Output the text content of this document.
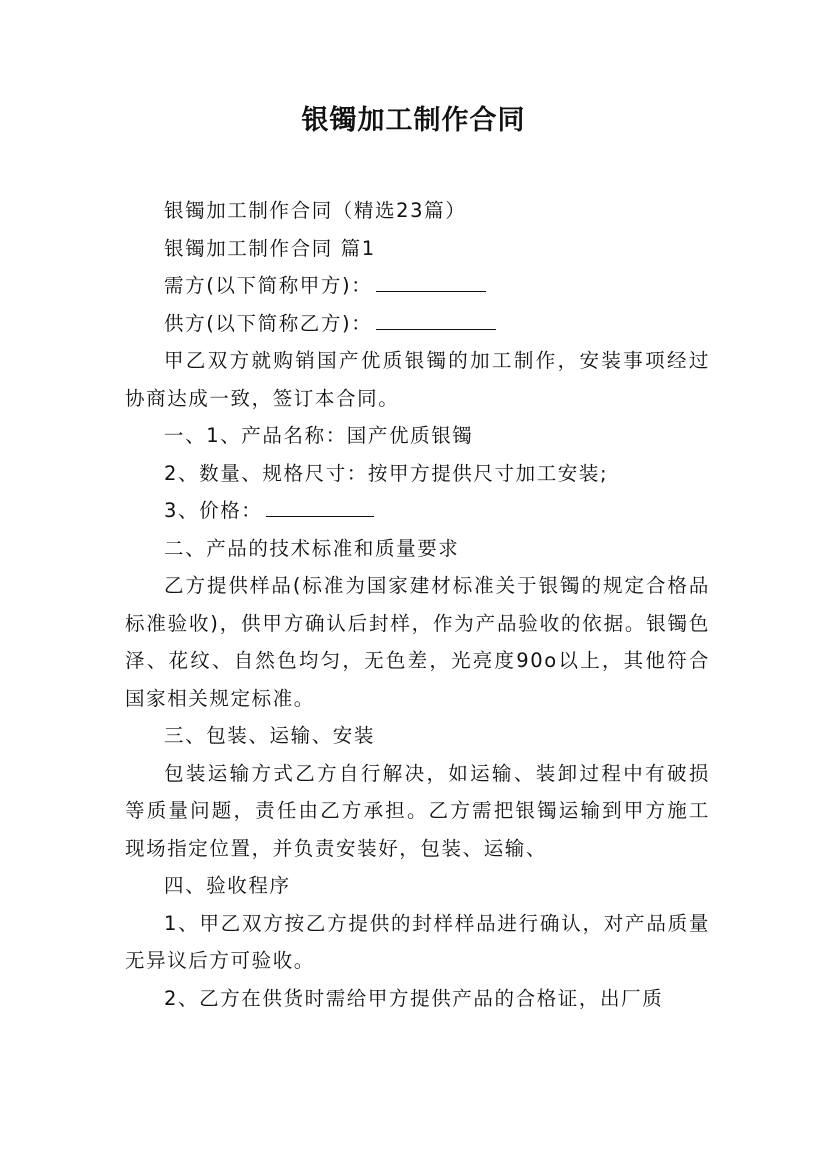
银镯加工制作合同

银镯加工制作合同（精选23篇）

银镯加工制作合同 篇1

需方(以下简称甲方)：

供方(以下简称乙方)：

甲乙双方就购销国产优质银镯的加工制作，安装事项经过协商达成一致，签订本合同。

一、1、产品名称：国产优质银镯

2、数量、规格尺寸：按甲方提供尺寸加工安装;

3、价格：

二、产品的技术标准和质量要求

乙方提供样品(标准为国家建材标准关于银镯的规定合格品标准验收)，供甲方确认后封样，作为产品验收的依据。银镯色泽、花纹、自然色均匀，无色差，光亮度90o以上，其他符合国家相关规定标准。

三、包装、运输、安装

包装运输方式乙方自行解决，如运输、装卸过程中有破损等质量问题，责任由乙方承担。乙方需把银镯运输到甲方施工现场指定位置，并负责安装好，包装、运输、

四、验收程序

1、甲乙双方按乙方提供的封样样品进行确认，对产品质量无异议后方可验收。

2、乙方在供货时需给甲方提供产品的合格证，出厂质
